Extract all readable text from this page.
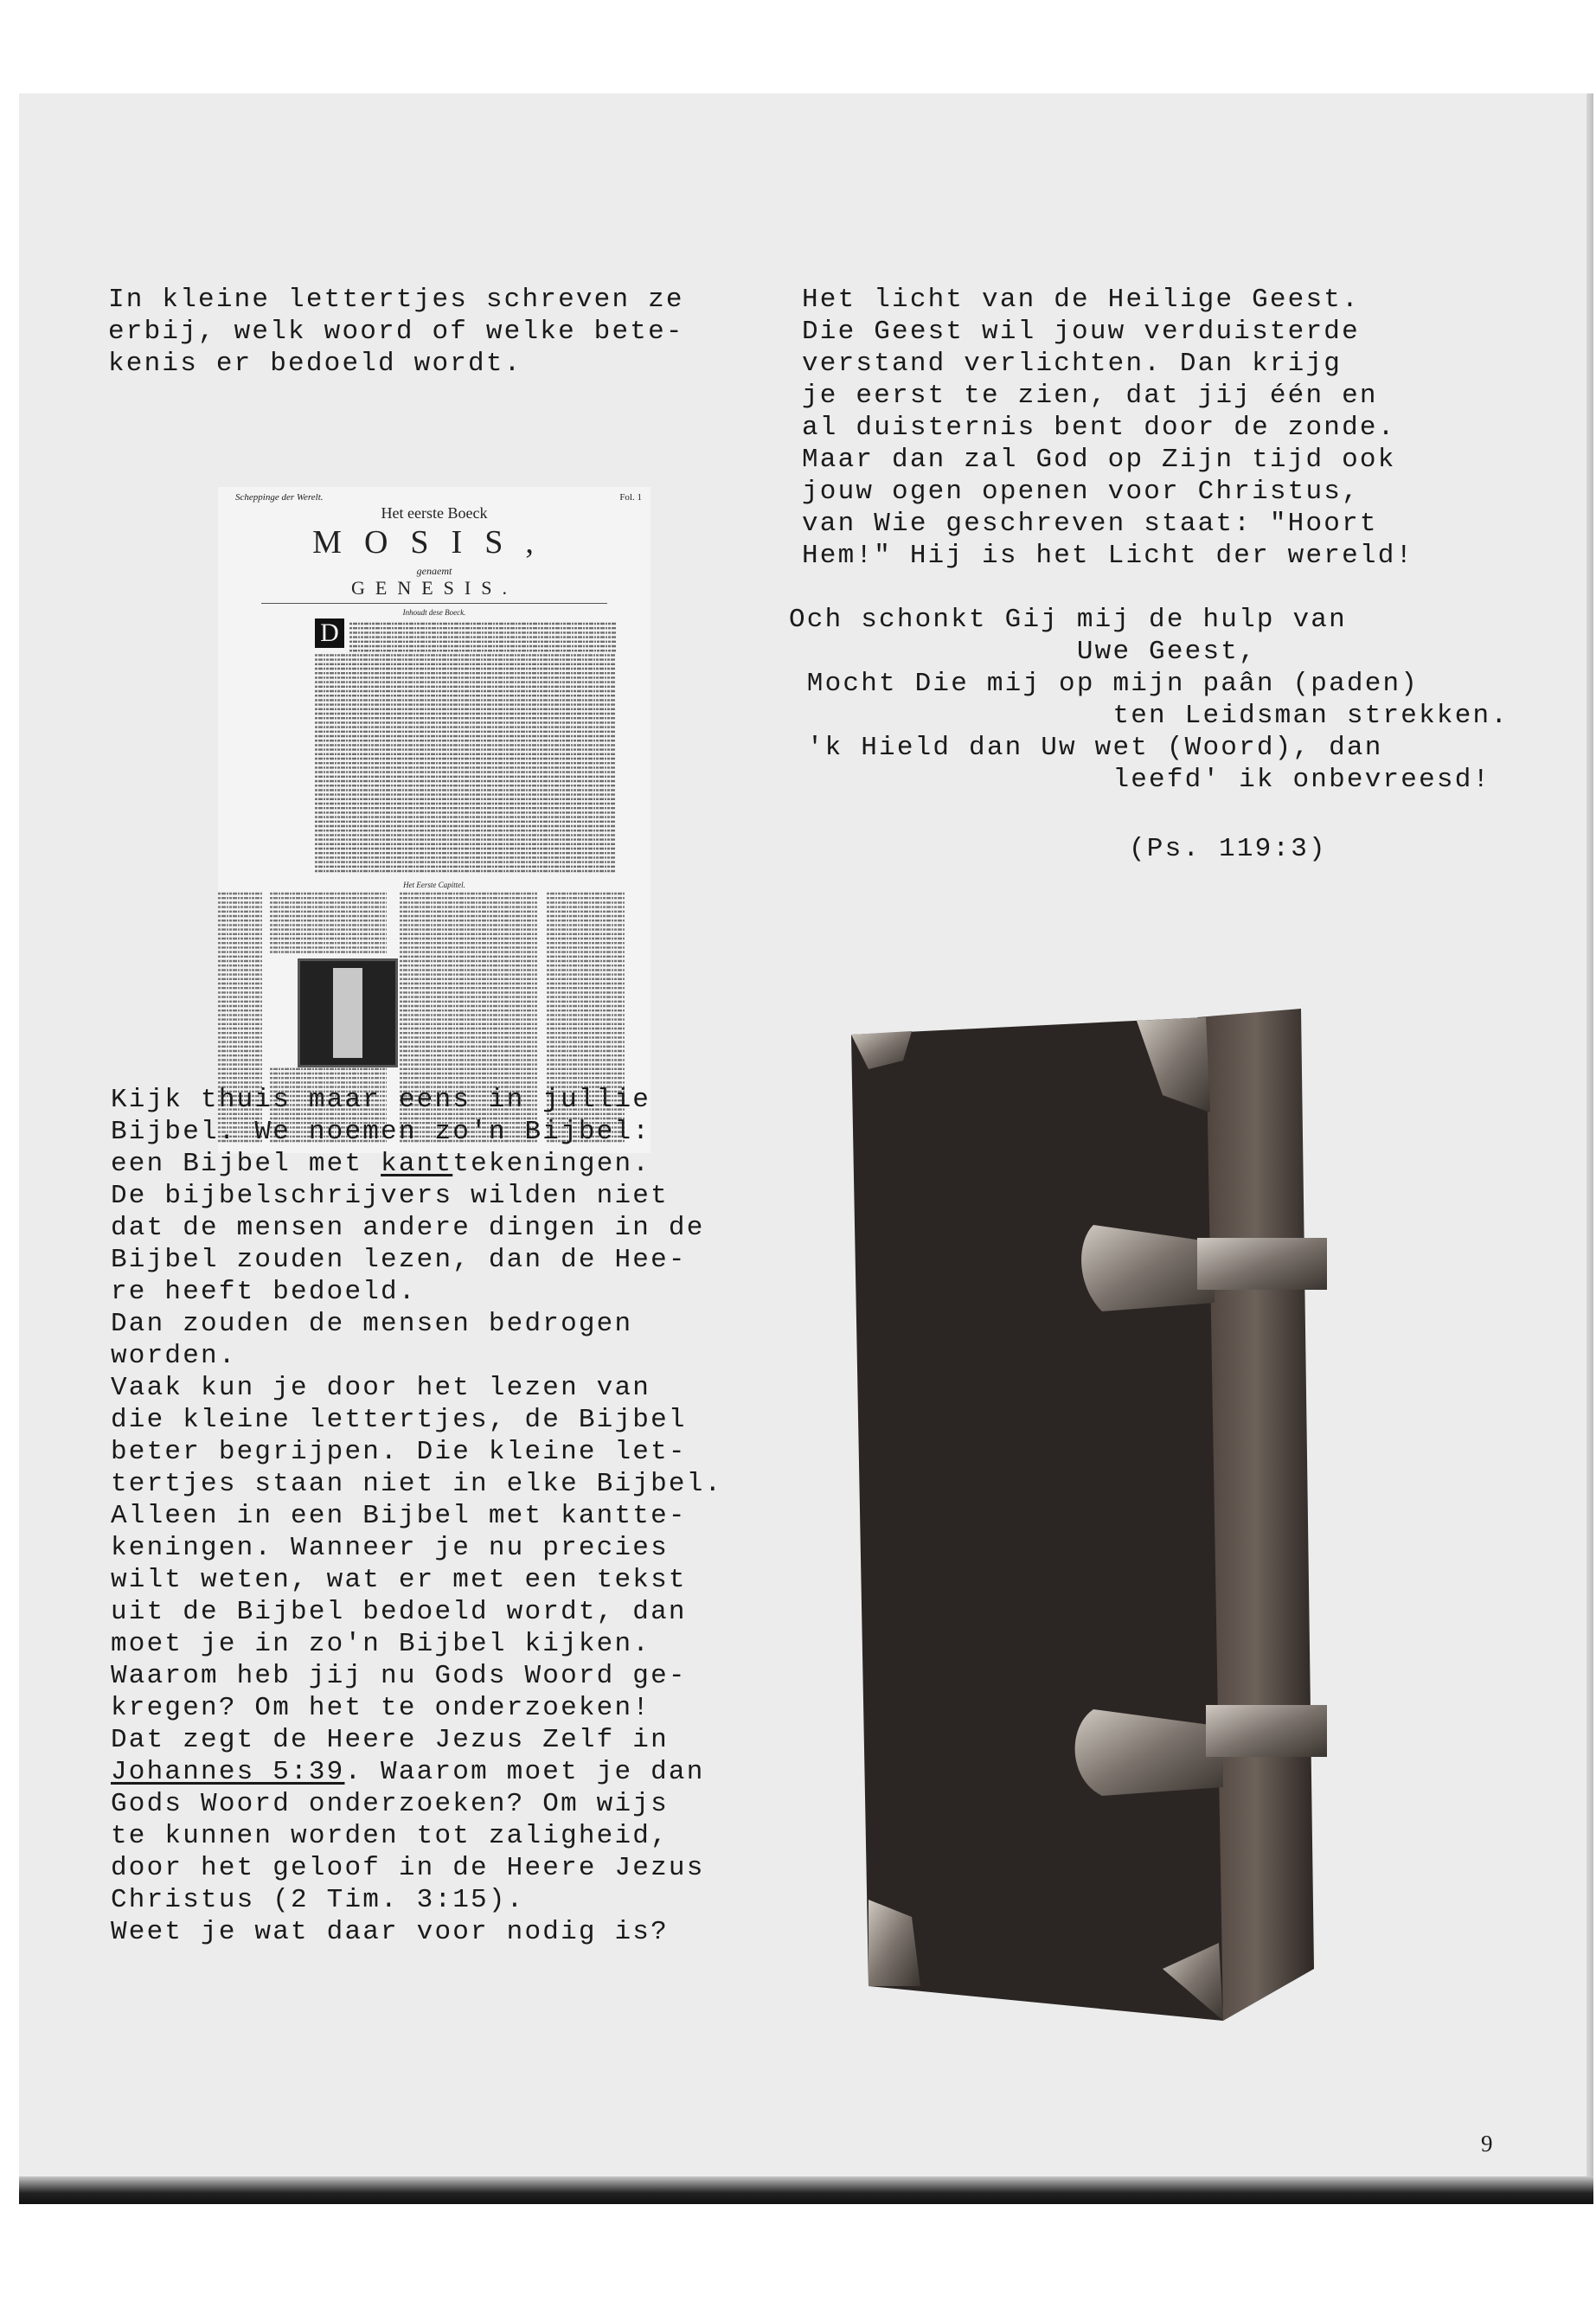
In kleine lettertjes schreven ze
erbij, welk woord of welke bete-
kenis er bedoeld wordt.
Scheppinge der Werelt.	Fol. 1
Het eerste Boeck
MOSIS,
genaemt
GENESIS.
Inhoudt dese Boeck.
D
Het Eerste Capittel.
Kijk thuis maar eens in jullie
Bijbel. We noemen zo'n Bijbel:
een Bijbel met kanttekeningen.
De bijbelschrijvers wilden niet
dat de mensen andere dingen in de
Bijbel zouden lezen, dan de Hee-
re heeft bedoeld.
Dan zouden de mensen bedrogen
worden.
Vaak kun je door het lezen van
die kleine lettertjes, de Bijbel
beter begrijpen. Die kleine let-
tertjes staan niet in elke Bijbel.
Alleen in een Bijbel met kantte-
keningen. Wanneer je nu precies
wilt weten, wat er met een tekst
uit de Bijbel bedoeld wordt, dan
moet je in zo'n Bijbel kijken.
Waarom heb jij nu Gods Woord ge-
kregen? Om het te onderzoeken!
Dat zegt de Heere Jezus Zelf in
Johannes 5:39. Waarom moet je dan
Gods Woord onderzoeken? Om wijs
te kunnen worden tot zaligheid,
door het geloof in de Heere Jezus
Christus (2 Tim. 3:15).
Weet je wat daar voor nodig is?
Het licht van de Heilige Geest.
Die Geest wil jouw verduisterde
verstand verlichten. Dan krijg
je eerst te zien, dat jij één en
al duisternis bent door de zonde.
Maar dan zal God op Zijn tijd ook
jouw ogen openen voor Christus,
van Wie geschreven staat: "Hoort
Hem!" Hij is het Licht der wereld!
Och schonkt Gij mij de hulp van
Uwe Geest,
Mocht Die mij op mijn paân (paden)
ten Leidsman strekken.
'k Hield dan Uw wet (Woord), dan
leefd' ik onbevreesd!
(Ps. 119:3)
9
